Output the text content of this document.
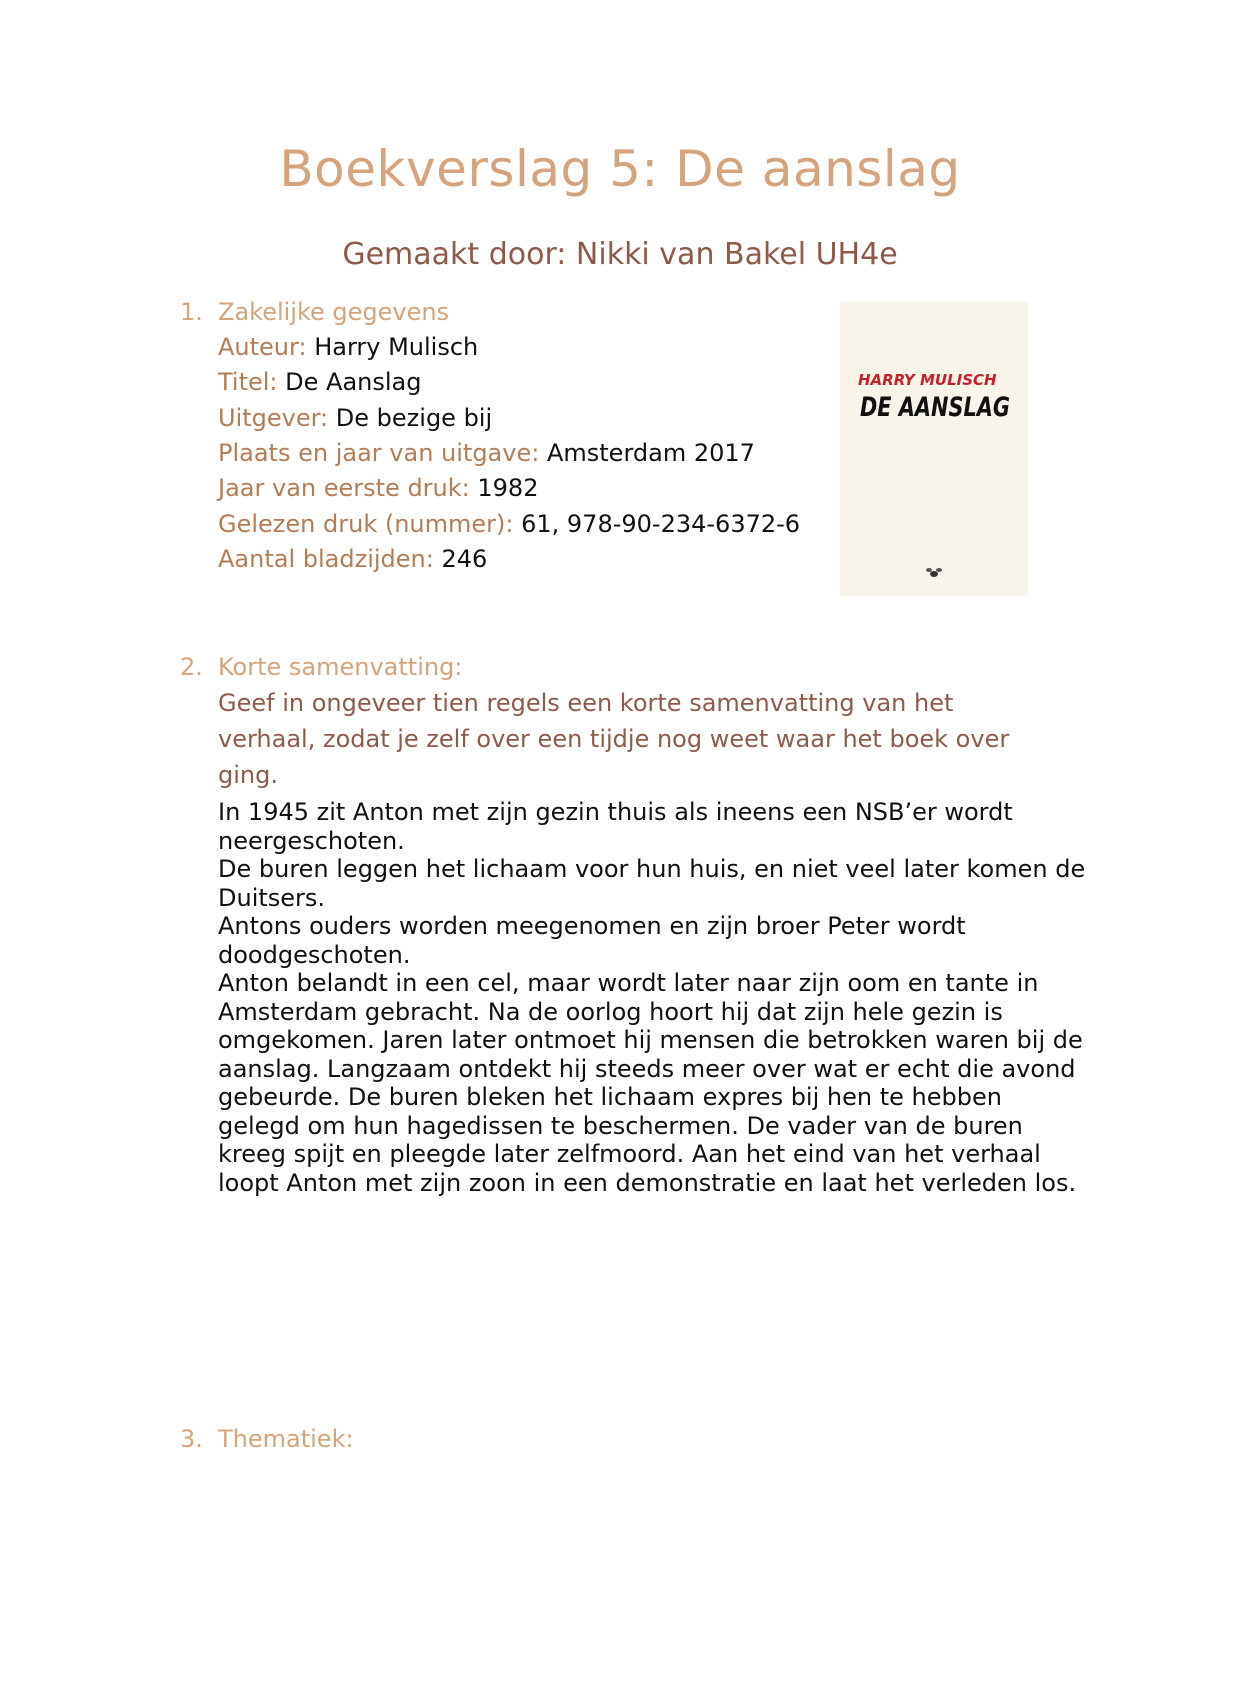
Boekverslag 5: De aanslag
Gemaakt door: Nikki van Bakel UH4e
1. Zakelijke gegevens
Auteur: Harry Mulisch
Titel: De Aanslag
Uitgever: De bezige bij
Plaats en jaar van uitgave: Amsterdam 2017
Jaar van eerste druk: 1982
Gelezen druk (nummer): 61, 978-90-234-6372-6
Aantal bladzijden: 246
HARRY MULISCH
DE AANSLAG
2. Korte samenvatting:
Geef in ongeveer tien regels een korte samenvatting van het verhaal, zodat je zelf over een tijdje nog weet waar het boek over ging.

In 1945 zit Anton met zijn gezin thuis als ineens een NSB’er wordt neergeschoten.

De buren leggen het lichaam voor hun huis, en niet veel later komen de Duitsers.

Antons ouders worden meegenomen en zijn broer Peter wordt doodgeschoten.

Anton belandt in een cel, maar wordt later naar zijn oom en tante in Amsterdam gebracht. Na de oorlog hoort hij dat zijn hele gezin is omgekomen. Jaren later ontmoet hij mensen die betrokken waren bij de aanslag. Langzaam ontdekt hij steeds meer over wat er echt die avond gebeurde. De buren bleken het lichaam expres bij hen te hebben gelegd om hun hagedissen te beschermen. De vader van de buren kreeg spijt en pleegde later zelfmoord. Aan het eind van het verhaal loopt Anton met zijn zoon in een demonstratie en laat het verleden los.

3. Thematiek:
